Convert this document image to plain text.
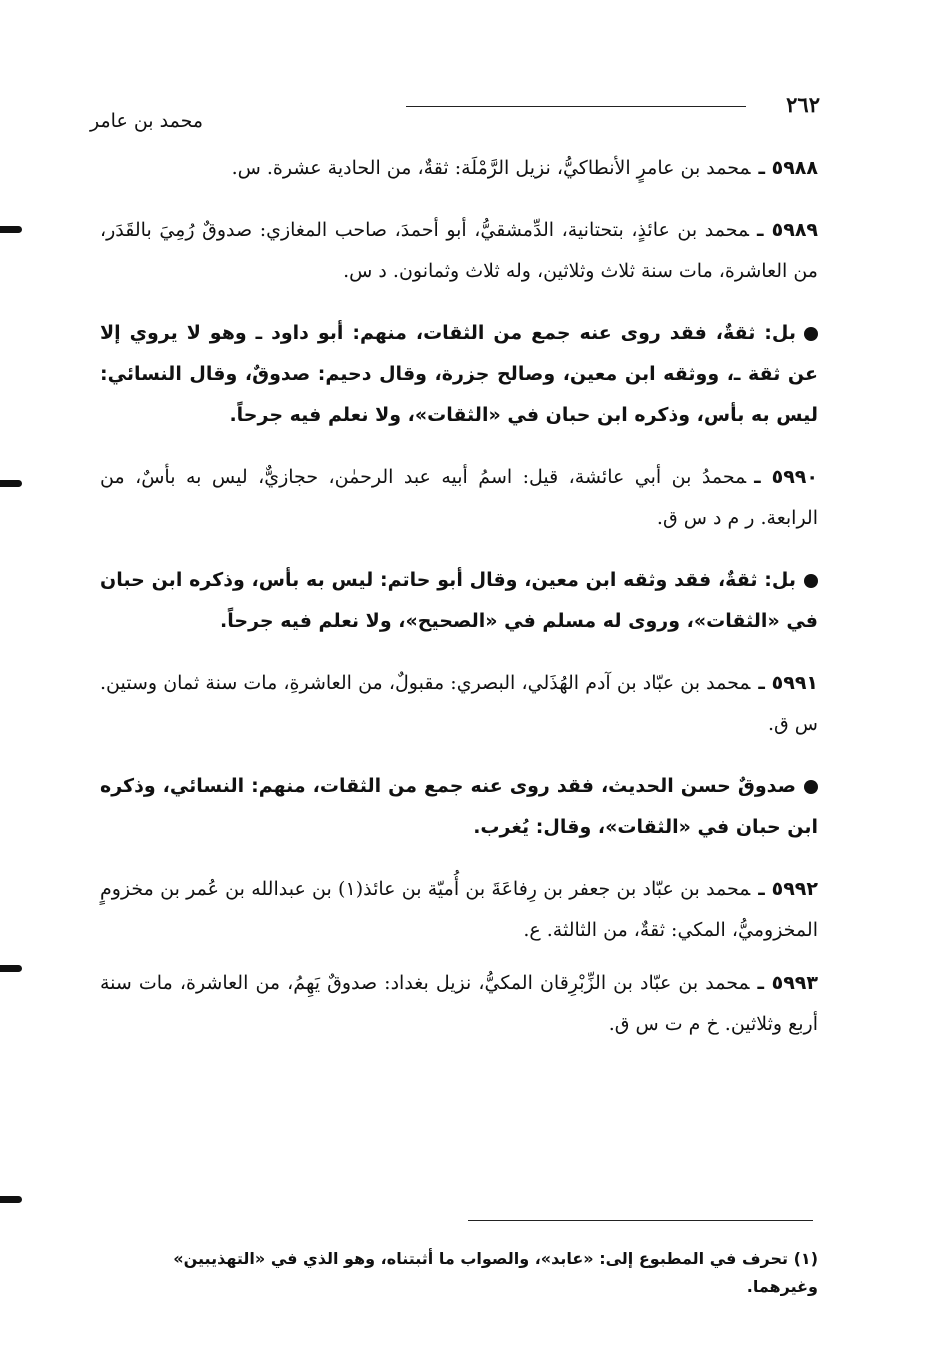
٢٦٢
محمد بن عامر

٥٩٨٨ ـمحمد بن عامرٍ الأنطاكيُّ، نزيل الرَّمْلَة: ثقةٌ، من الحادية عشرة. س.

٥٩٨٩ ـمحمد بن عائذٍ، بتحتانية، الدِّمشقيُّ، أبو أحمدَ، صاحب المغازي: صدوقٌ رُمِيَ بالقَدَر، من العاشرة، مات سنة ثلاث وثلاثين، وله ثلاث وثمانون. د س.

بل: ثقةٌ، فقد روى عنه جمع من الثقات، منهم: أبو داود ـ وهو لا يروي إلا عن ثقة ـ، ووثقه ابن معين، وصالح جزرة، وقال دحيم: صدوقٌ، وقال النسائي: ليس به بأس، وذكره ابن حبان في «الثقات»، ولا نعلم فيه جرحاً.

٥٩٩٠ ـمحمدُ بن أبي عائشة، قيل: اسمُ أبيه عبد الرحمٰن، حجازيٌّ، ليس به بأسٌ، من الرابعة. ر م د س ق.

بل: ثقةٌ، فقد وثقه ابن معين، وقال أبو حاتم: ليس به بأس، وذكره ابن حبان في «الثقات»، وروى له مسلم في «الصحيح»، ولا نعلم فيه جرحاً.

٥٩٩١ ـمحمد بن عبّاد بن آدم الهُذَلي، البصري: مقبولٌ، من العاشرةِ، مات سنة ثمان وستين. س ق.

صدوقٌ حسن الحديث، فقد روى عنه جمع من الثقات، منهم: النسائي، وذكره ابن حبان في «الثقات»، وقال: يُغرب.

٥٩٩٢ ـمحمد بن عبّاد بن جعفر بن رِفاعَةَ بن أُميّة بن عائذ(١) بن عبدالله بن عُمر بن مخزومٍ المخزوميُّ، المكي: ثقةٌ، من الثالثة. ع.

٥٩٩٣ ـمحمد بن عبّاد بن الزِّبْرِقان المكيُّ، نزيل بغداد: صدوقٌ يَهِمُ، من العاشرة، مات سنة أربع وثلاثين. خ م ت س ق.

(١) تحرف في المطبوع إلى: «عابد»، والصواب ما أثبتناه، وهو الذي في «التهذيبين» وغيرهما.
